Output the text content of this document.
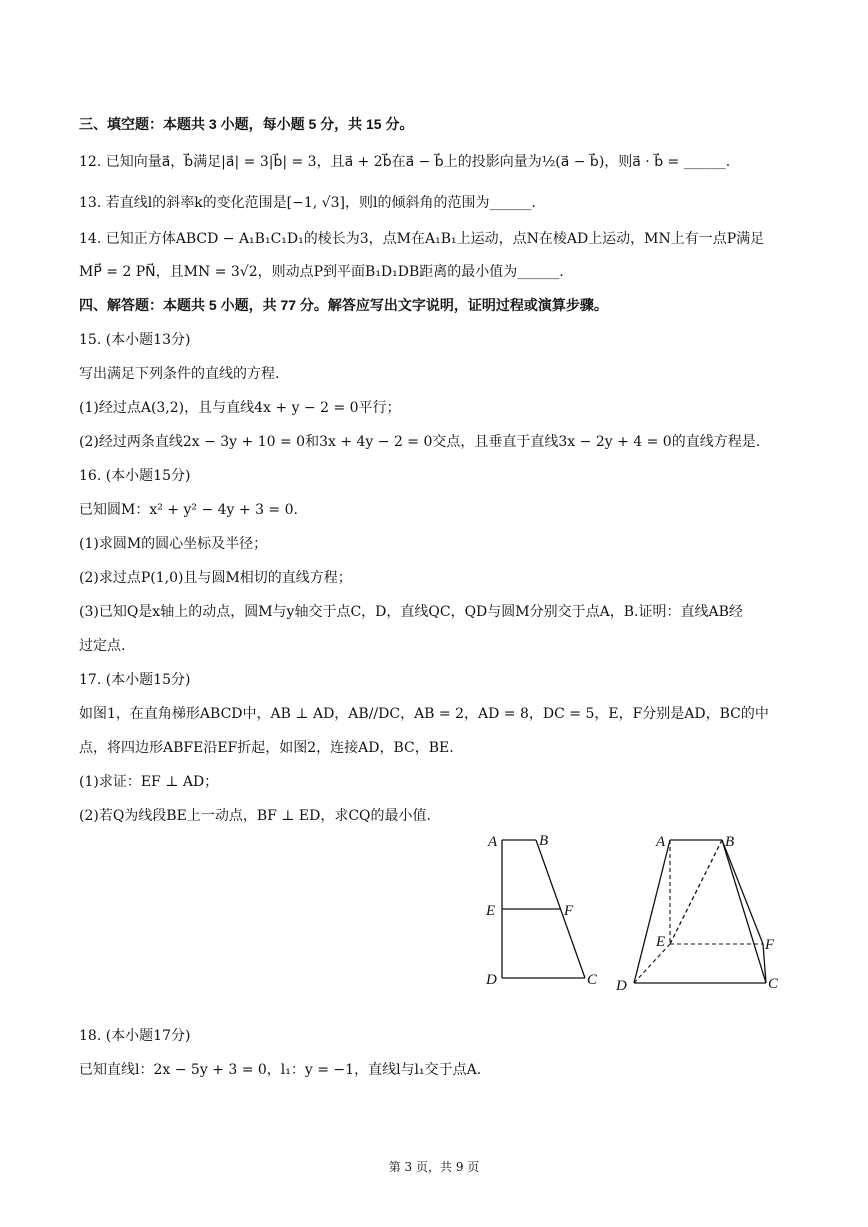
三、填空题：本题共 3 小题，每小题 5 分，共 15 分。
12. 已知向量a⃗，b⃗满足|a⃗| = 3|b⃗| = 3，且a⃗ + 2b⃗在a⃗ − b⃗上的投影向量为½(a⃗ − b⃗)，则a⃗ · b⃗ = ______.
13. 若直线l的斜率k的变化范围是[−1, √3]，则l的倾斜角的范围为______.
14. 已知正方体ABCD − A₁B₁C₁D₁的棱长为3，点M在A₁B₁上运动，点N在棱AD上运动，MN上有一点P满足
MP⃗ = 2 PN⃗，且MN = 3√2，则动点P到平面B₁D₁DB距离的最小值为______.
四、解答题：本题共 5 小题，共 77 分。解答应写出文字说明，证明过程或演算步骤。
15. (本小题13分)
写出满足下列条件的直线的方程.
(1)经过点A(3,2)，且与直线4x + y − 2 = 0平行；
(2)经过两条直线2x − 3y + 10 = 0和3x + 4y − 2 = 0交点，且垂直于直线3x − 2y + 4 = 0的直线方程是.
16. (本小题15分)
已知圆M：x² + y² − 4y + 3 = 0.
(1)求圆M的圆心坐标及半径；
(2)求过点P(1,0)且与圆M相切的直线方程；
(3)已知Q是x轴上的动点，圆M与y轴交于点C，D，直线QC，QD与圆M分别交于点A，B.证明：直线AB经
过定点.
17. (本小题15分)
如图1，在直角梯形ABCD中，AB ⊥ AD，AB//DC，AB = 2，AD = 8，DC = 5，E，F分别是AD，BC的中
点，将四边形ABFE沿EF折起，如图2，连接AD，BC，BE.
(1)求证：EF ⊥ AD；
(2)若Q为线段BE上一动点，BF ⊥ ED，求CQ的最小值.
A	B
E	F
D	C
A	B
E	F
D	C
18. (本小题17分)
已知直线l：2x − 5y + 3 = 0，l₁：y = −1，直线l与l₁交于点A.
第 3 页，共 9 页
